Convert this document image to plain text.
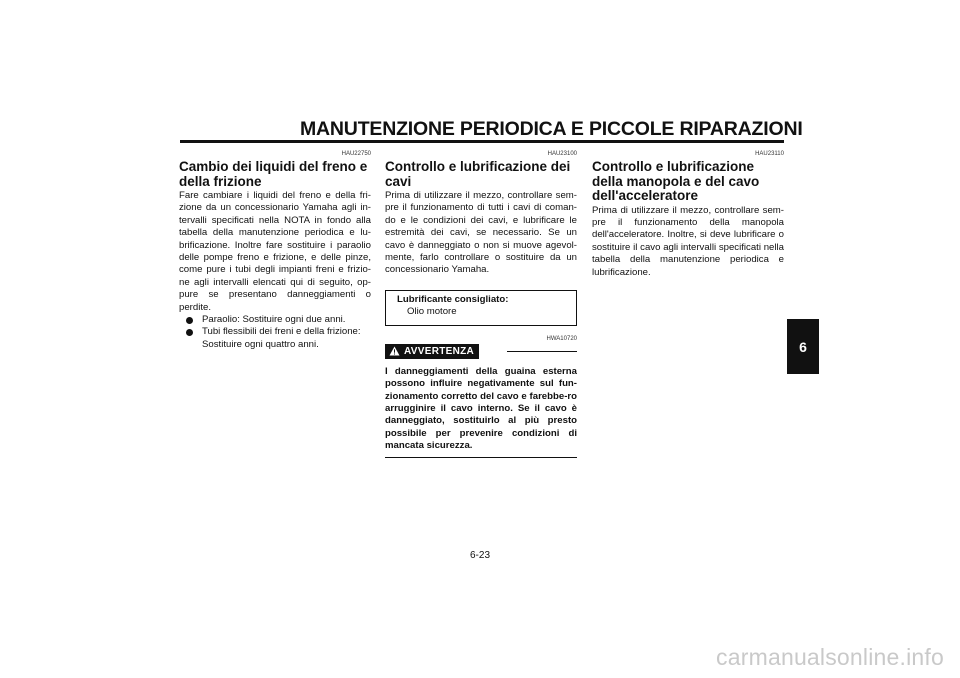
MANUTENZIONE PERIODICA E PICCOLE RIPARAZIONI
6
HAU22750
Cambio dei liquidi del freno e della frizione

Fare cambiare i liquidi del freno e della fri-zione da un concessionario Yamaha agli in-tervalli specificati nella NOTA in fondo alla tabella della manutenzione periodica e lu-brificazione. Inoltre fare sostituire i paraolio delle pompe freno e frizione, e delle pinze, come pure i tubi degli impianti freni e frizio-ne agli intervalli elencati qui di seguito, op-pure se presentano danneggiamenti o perdite.

Paraolio: Sostituire ogni due anni.
Tubi flessibili dei freni e della frizione: Sostituire ogni quattro anni.
HAU23100
Controllo e lubrificazione dei cavi

Prima di utilizzare il mezzo, controllare sem-pre il funzionamento di tutti i cavi di coman-do e le condizioni dei cavi, e lubrificare le estremità dei cavi, se necessario. Se un cavo è danneggiato o non si muove agevol-mente, farlo controllare o sostituire da un concessionario Yamaha.

Lubrificante consigliato:
Olio motore
HWA10720
AVVERTENZA
I danneggiamenti della guaina esterna possono influire negativamente sul fun-zionamento corretto del cavo e farebbe-ro arrugginire il cavo interno. Se il cavo è danneggiato, sostituirlo al più presto possibile per prevenire condizioni di mancata sicurezza.
HAU23110
Controllo e lubrificazione della manopola e del cavo dell'acceleratore

Prima di utilizzare il mezzo, controllare sem-pre il funzionamento della manopola dell'acceleratore. Inoltre, si deve lubrificare o sostituire il cavo agli intervalli specificati nella tabella della manutenzione periodica e lubrificazione.

6-23
carmanualsonline.info
